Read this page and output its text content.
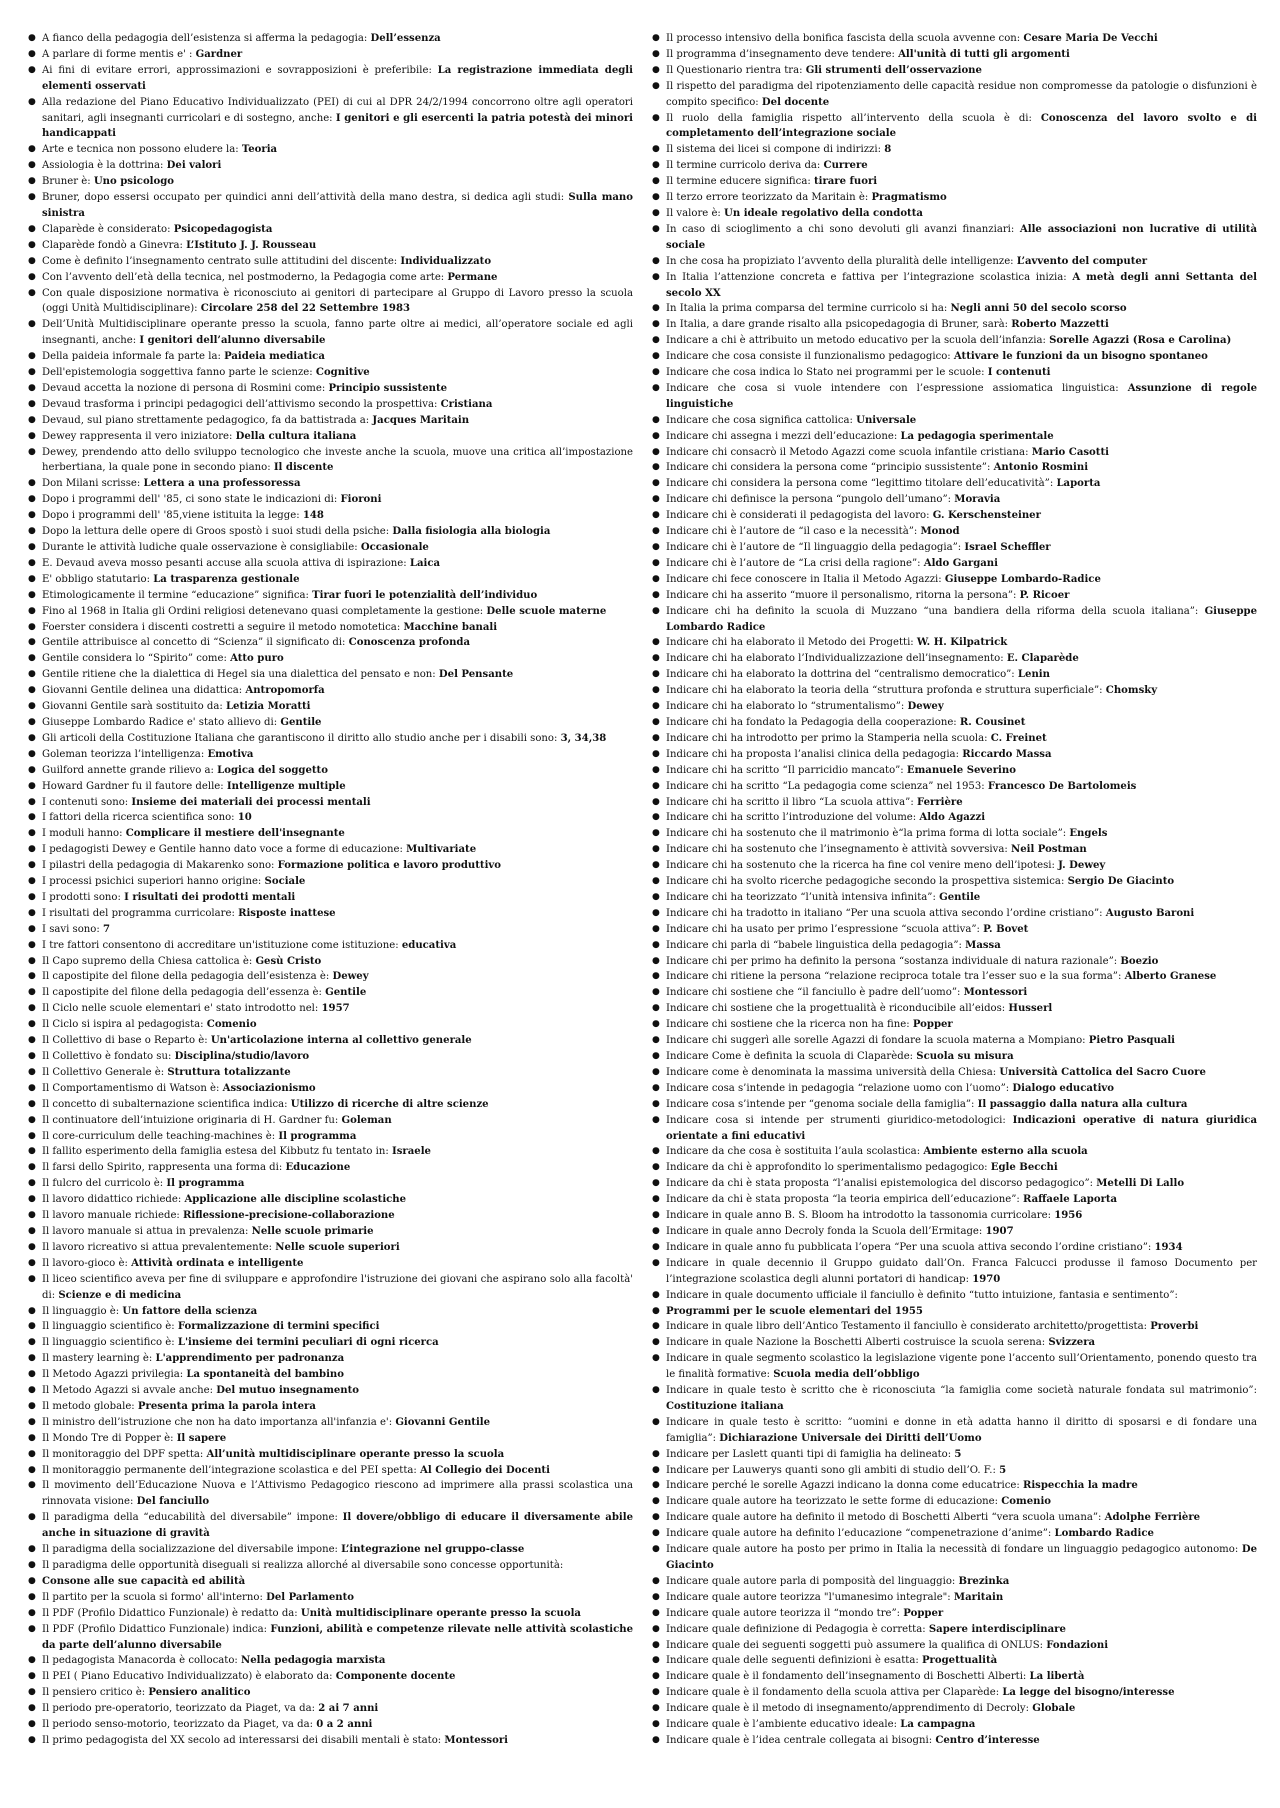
● A fianco della pedagogia dell’esistenza si afferma la pedagogia: Dell’essenza
● A parlare di forme mentis e' : Gardner
● Ai fini di evitare errori, approssimazioni e sovrapposizioni è preferibile: La registrazione immediata degli elementi osservati
● Alla redazione del Piano Educativo Individualizzato (PEI) di cui al DPR 24/2/1994 concorrono oltre agli operatori sanitari, agli insegnanti curricolari e di sostegno, anche: I genitori e gli esercenti la patria potestà dei minori handicappati
● Arte e tecnica non possono eludere la: Teoria
● Assiologia è la dottrina: Dei valori
● Bruner è: Uno psicologo
● Bruner, dopo essersi occupato per quindici anni dell’attività della mano destra, si dedica agli studi: Sulla mano sinistra
● Claparède è considerato: Psicopedagogista
● Claparède fondò a Ginevra: L’Istituto J. J. Rousseau
● Come è definito l’insegnamento centrato sulle attitudini del discente: Individualizzato
● Con l’avvento dell’età della tecnica, nel postmoderno, la Pedagogia come arte: Permane
● Con quale disposizione normativa è riconosciuto ai genitori di partecipare al Gruppo di Lavoro presso la scuola (oggi Unità Multidisciplinare): Circolare 258 del 22 Settembre 1983
● Dell’Unità Multidisciplinare operante presso la scuola, fanno parte oltre ai medici, all’operatore sociale ed agli insegnanti, anche: I genitori dell’alunno diversabile
● Della paideia informale fa parte la: Paideia mediatica
● Dell'epistemologia soggettiva fanno parte le scienze: Cognitive
● Devaud accetta la nozione di persona di Rosmini come: Principio sussistente
● Devaud trasforma i principi pedagogici dell’attivismo secondo la prospettiva: Cristiana
● Devaud, sul piano strettamente pedagogico, fa da battistrada a: Jacques Maritain
● Dewey rappresenta il vero iniziatore: Della cultura italiana
● Dewey, prendendo atto dello sviluppo tecnologico che investe anche la scuola, muove una critica all’impostazione herbertiana, la quale pone in secondo piano: Il discente
● Don Milani scrisse: Lettera a una professoressa
● Dopo i programmi dell' '85, ci sono state le indicazioni di: Fioroni
● Dopo i programmi dell' '85,viene istituita la legge: 148
● Dopo la lettura delle opere di Groos spostò i suoi studi della psiche: Dalla fisiologia alla biologia
● Durante le attività ludiche quale osservazione è consigliabile: Occasionale
● E. Devaud aveva mosso pesanti accuse alla scuola attiva di ispirazione: Laica
● E' obbligo statutario: La trasparenza gestionale
● Etimologicamente il termine “educazione” significa: Tirar fuori le potenzialità dell’individuo
● Fino al 1968 in Italia gli Ordini religiosi detenevano quasi completamente la gestione: Delle scuole materne
● Foerster considera i discenti costretti a seguire il metodo nomotetica: Macchine banali
● Gentile attribuisce al concetto di “Scienza” il significato di: Conoscenza profonda
● Gentile considera lo “Spirito” come: Atto puro
● Gentile ritiene che la dialettica di Hegel sia una dialettica del pensato e non: Del Pensante
● Giovanni Gentile delinea una didattica: Antropomorfa
● Giovanni Gentile sarà sostituito da: Letizia Moratti
● Giuseppe Lombardo Radice e' stato allievo di: Gentile
● Gli articoli della Costituzione Italiana che garantiscono il diritto allo studio anche per i disabili sono: 3, 34,38
● Goleman teorizza l’intelligenza: Emotiva
● Guilford annette grande rilievo a: Logica del soggetto
● Howard Gardner fu il fautore delle: Intelligenze multiple
● I contenuti sono: Insieme dei materiali dei processi mentali
● I fattori della ricerca scientifica sono: 10
● I moduli hanno: Complicare il mestiere dell'insegnante
● I pedagogisti Dewey e Gentile hanno dato voce a forme di educazione: Multivariate
● I pilastri della pedagogia di Makarenko sono: Formazione politica e lavoro produttivo
● I processi psichici superiori hanno origine: Sociale
● I prodotti sono: I risultati dei prodotti mentali
● I risultati del programma curricolare: Risposte inattese
● I savi sono: 7
● I tre fattori consentono di accreditare un'istituzione come istituzione: educativa
● Il Capo supremo della Chiesa cattolica è: Gesù Cristo
● Il capostipite del filone della pedagogia dell’esistenza è: Dewey
● Il capostipite del filone della pedagogia dell’essenza è: Gentile
● Il Ciclo nelle scuole elementari e' stato introdotto nel: 1957
● Il Ciclo si ispira al pedagogista: Comenio
● Il Collettivo di base o Reparto è: Un'articolazione interna al collettivo generale
● Il Collettivo è fondato su: Disciplina/studio/lavoro
● Il Collettivo Generale è: Struttura totalizzante
● Il Comportamentismo di Watson è: Associazionismo
● Il concetto di subalternazione scientifica indica: Utilizzo di ricerche di altre scienze
● Il continuatore dell’intuizione originaria di H. Gardner fu: Goleman
● Il core-curriculum delle teaching-machines è: Il programma
● Il fallito esperimento della famiglia estesa del Kibbutz fu tentato in: Israele
● Il farsi dello Spirito, rappresenta una forma di: Educazione
● Il fulcro del curricolo è: Il programma
● Il lavoro didattico richiede: Applicazione alle discipline scolastiche
● Il lavoro manuale richiede: Riflessione-precisione-collaborazione
● Il lavoro manuale si attua in prevalenza: Nelle scuole primarie
● Il lavoro ricreativo si attua prevalentemente: Nelle scuole superiori
● Il lavoro-gioco è: Attività ordinata e intelligente
● Il liceo scientifico aveva per fine di sviluppare e approfondire l'istruzione dei giovani che aspirano solo alla facoltà' di: Scienze e di medicina
● Il linguaggio è: Un fattore della scienza
● Il linguaggio scientifico è: Formalizzazione di termini specifici
● Il linguaggio scientifico è: L'insieme dei termini peculiari di ogni ricerca
● Il mastery learning è: L'apprendimento per padronanza
● Il Metodo Agazzi privilegia: La spontaneità del bambino
● Il Metodo Agazzi si avvale anche: Del mutuo insegnamento
● Il metodo globale: Presenta prima la parola intera
● Il ministro dell’istruzione che non ha dato importanza all'infanzia e': Giovanni Gentile
● Il Mondo Tre di Popper è: Il sapere
● Il monitoraggio del DPF spetta: All’unità multidisciplinare operante presso la scuola
● Il monitoraggio permanente dell’integrazione scolastica e del PEI spetta: Al Collegio dei Docenti
● Il movimento dell’Educazione Nuova e l’Attivismo Pedagogico riescono ad imprimere alla prassi scolastica una rinnovata visione: Del fanciullo
● Il paradigma della “educabilità del diversabile” impone: Il dovere/obbligo di educare il diversamente abile anche in situazione di gravità
● Il paradigma della socializzazione del diversabile impone: L’integrazione nel gruppo-classe
● Il paradigma delle opportunità diseguali si realizza allorché al diversabile sono concesse opportunità:
● Consone alle sue capacità ed abilità
● Il partito per la scuola si formo' all'interno: Del Parlamento
● Il PDF (Profilo Didattico Funzionale) è redatto da: Unità multidisciplinare operante presso la scuola
● Il PDF (Profilo Didattico Funzionale) indica: Funzioni, abilità e competenze rilevate nelle attività scolastiche da parte dell’alunno diversabile
● Il pedagogista Manacorda è collocato: Nella pedagogia marxista
● Il PEI ( Piano Educativo Individualizzato) è elaborato da: Componente docente
● Il pensiero critico è: Pensiero analitico
● Il periodo pre-operatorio, teorizzato da Piaget, va da: 2 ai 7 anni
● Il periodo senso-motorio, teorizzato da Piaget, va da: 0 a 2 anni
● Il primo pedagogista del XX secolo ad interessarsi dei disabili mentali è stato: Montessori
● Il processo intensivo della bonifica fascista della scuola avvenne con: Cesare Maria De Vecchi
● Il programma d’insegnamento deve tendere: All'unità di tutti gli argomenti
● Il Questionario rientra tra: Gli strumenti dell’osservazione
● Il rispetto del paradigma del ripotenziamento delle capacità residue non compromesse da patologie o disfunzioni è compito specifico: Del docente
● Il ruolo della famiglia rispetto all’intervento della scuola è di: Conoscenza del lavoro svolto e di completamento dell’integrazione sociale
● Il sistema dei licei si compone di indirizzi: 8
● Il termine curricolo deriva da: Currere
● Il termine educere significa: tirare fuori
● Il terzo errore teorizzato da Maritain è: Pragmatismo
● Il valore è: Un ideale regolativo della condotta
● In caso di scioglimento a chi sono devoluti gli avanzi finanziari: Alle associazioni non lucrative di utilità sociale
● In che cosa ha propiziato l’avvento della pluralità delle intelligenze: L’avvento del computer
● In Italia l’attenzione concreta e fattiva per l’integrazione scolastica inizia: A metà degli anni Settanta del secolo XX
● In Italia la prima comparsa del termine curricolo si ha: Negli anni 50 del secolo scorso
● In Italia, a dare grande risalto alla psicopedagogia di Bruner, sarà: Roberto Mazzetti
● Indicare a chi è attribuito un metodo educativo per la scuola dell’infanzia: Sorelle Agazzi (Rosa e Carolina)
● Indicare che cosa consiste il funzionalismo pedagogico: Attivare le funzioni da un bisogno spontaneo
● Indicare che cosa indica lo Stato nei programmi per le scuole: I contenuti
● Indicare che cosa si vuole intendere con l’espressione assiomatica linguistica: Assunzione di regole linguistiche
● Indicare che cosa significa cattolica: Universale
● Indicare chi assegna i mezzi dell’educazione: La pedagogia sperimentale
● Indicare chi consacrò il Metodo Agazzi come scuola infantile cristiana: Mario Casotti
● Indicare chi considera la persona come “principio sussistente”: Antonio Rosmini
● Indicare chi considera la persona come “legittimo titolare dell’educatività”: Laporta
● Indicare chi definisce la persona “pungolo dell’umano”: Moravia
● Indicare chi è considerati il pedagogista del lavoro: G. Kerschensteiner
● Indicare chi è l’autore de “il caso e la necessità”: Monod
● Indicare chi è l’autore de “Il linguaggio della pedagogia”: Israel Scheffler
● Indicare chi è l’autore de “La crisi della ragione”: Aldo Gargani
● Indicare chi fece conoscere in Italia il Metodo Agazzi: Giuseppe Lombardo-Radice
● Indicare chi ha asserito “muore il personalismo, ritorna la persona”: P. Ricoer
● Indicare chi ha definito la scuola di Muzzano “una bandiera della riforma della scuola italiana”: Giuseppe Lombardo Radice
● Indicare chi ha elaborato il Metodo dei Progetti: W. H. Kilpatrick
● Indicare chi ha elaborato l’Individualizzazione dell’insegnamento: E. Claparède
● Indicare chi ha elaborato la dottrina del “centralismo democratico”: Lenin
● Indicare chi ha elaborato la teoria della “struttura profonda e struttura superficiale”: Chomsky
● Indicare chi ha elaborato lo “strumentalismo”: Dewey
● Indicare chi ha fondato la Pedagogia della cooperazione: R. Cousinet
● Indicare chi ha introdotto per primo la Stamperia nella scuola: C. Freinet
● Indicare chi ha proposta l’analisi clinica della pedagogia: Riccardo Massa
● Indicare chi ha scritto “Il parricidio mancato”: Emanuele Severino
● Indicare chi ha scritto “La pedagogia come scienza” nel 1953: Francesco De Bartolomeis
● Indicare chi ha scritto il libro “La scuola attiva”: Ferrière
● Indicare chi ha scritto l’introduzione del volume: Aldo Agazzi
● Indicare chi ha sostenuto che il matrimonio è“la prima forma di lotta sociale”: Engels
● Indicare chi ha sostenuto che l’insegnamento è attività sovversiva: Neil Postman
● Indicare chi ha sostenuto che la ricerca ha fine col venire meno dell’ipotesi: J. Dewey
● Indicare chi ha svolto ricerche pedagogiche secondo la prospettiva sistemica: Sergio De Giacinto
● Indicare chi ha teorizzato “l’unità intensiva infinita”: Gentile
● Indicare chi ha tradotto in italiano “Per una scuola attiva secondo l’ordine cristiano”: Augusto Baroni
● Indicare chi ha usato per primo l’espressione “scuola attiva”: P. Bovet
● Indicare chi parla di “babele linguistica della pedagogia”: Massa
● Indicare chi per primo ha definito la persona “sostanza individuale di natura razionale”: Boezio
● Indicare chi ritiene la persona “relazione reciproca totale tra l’esser suo e la sua forma”: Alberto Granese
● Indicare chi sostiene che “il fanciullo è padre dell’uomo”: Montessori
● Indicare chi sostiene che la progettualità è riconducibile all’eidos: Husserl
● Indicare chi sostiene che la ricerca non ha fine: Popper
● Indicare chi suggerì alle sorelle Agazzi di fondare la scuola materna a Mompiano: Pietro Pasquali
● Indicare Come è definita la scuola di Claparède: Scuola su misura
● Indicare come è denominata la massima università della Chiesa: Università Cattolica del Sacro Cuore
● Indicare cosa s’intende in pedagogia “relazione uomo con l’uomo”: Dialogo educativo
● Indicare cosa s’intende per “genoma sociale della famiglia”: Il passaggio dalla natura alla cultura
● Indicare cosa si intende per strumenti giuridico-metodologici: Indicazioni operative di natura giuridica orientate a fini educativi
● Indicare da che cosa è sostituita l’aula scolastica: Ambiente esterno alla scuola
● Indicare da chi è approfondito lo sperimentalismo pedagogico: Egle Becchi
● Indicare da chi è stata proposta “l’analisi epistemologica del discorso pedagogico”: Metelli Di Lallo
● Indicare da chi è stata proposta “la teoria empirica dell’educazione”: Raffaele Laporta
● Indicare in quale anno B. S. Bloom ha introdotto la tassonomia curricolare: 1956
● Indicare in quale anno Decroly fonda la Scuola dell’Ermitage: 1907
● Indicare in quale anno fu pubblicata l’opera “Per una scuola attiva secondo l’ordine cristiano”: 1934
● Indicare in quale decennio il Gruppo guidato dall’On. Franca Falcucci produsse il famoso Documento per l’integrazione scolastica degli alunni portatori di handicap: 1970
● Indicare in quale documento ufficiale il fanciullo è definito “tutto intuizione, fantasia e sentimento”:
● Programmi per le scuole elementari del 1955
● Indicare in quale libro dell’Antico Testamento il fanciullo è considerato architetto/progettista: Proverbi
● Indicare in quale Nazione la Boschetti Alberti costruisce la scuola serena: Svizzera
● Indicare in quale segmento scolastico la legislazione vigente pone l’accento sull’Orientamento, ponendo questo tra le finalità formative: Scuola media dell’obbligo
● Indicare in quale testo è scritto che è riconosciuta “la famiglia come società naturale fondata sul matrimonio”: Costituzione italiana
● Indicare in quale testo è scritto: ”uomini e donne in età adatta hanno il diritto di sposarsi e di fondare una famiglia”: Dichiarazione Universale dei Diritti dell’Uomo
● Indicare per Laslett quanti tipi di famiglia ha delineato: 5
● Indicare per Lauwerys quanti sono gli ambiti di studio dell’O. F.: 5
● Indicare perché le sorelle Agazzi indicano la donna come educatrice: Rispecchia la madre
● Indicare quale autore ha teorizzato le sette forme di educazione: Comenio
● Indicare quale autore ha definito il metodo di Boschetti Alberti “vera scuola umana”: Adolphe Ferrière
● Indicare quale autore ha definito l’educazione “compenetrazione d’anime”: Lombardo Radice
● Indicare quale autore ha posto per primo in Italia la necessità di fondare un linguaggio pedagogico autonomo: De Giacinto
● Indicare quale autore parla di pomposità del linguaggio: Brezinka
● Indicare quale autore teorizza "l'umanesimo integrale": Maritain
● Indicare quale autore teorizza il “mondo tre”: Popper
● Indicare quale definizione di Pedagogia è corretta: Sapere interdisciplinare
● Indicare quale dei seguenti soggetti può assumere la qualifica di ONLUS: Fondazioni
● Indicare quale delle seguenti definizioni è esatta: Progettualità
● Indicare quale è il fondamento dell’insegnamento di Boschetti Alberti: La libertà
● Indicare quale è il fondamento della scuola attiva per Claparède: La legge del bisogno/interesse
● Indicare quale è il metodo di insegnamento/apprendimento di Decroly: Globale
● Indicare quale è l’ambiente educativo ideale: La campagna
● Indicare quale è l’idea centrale collegata ai bisogni: Centro d’interesse
